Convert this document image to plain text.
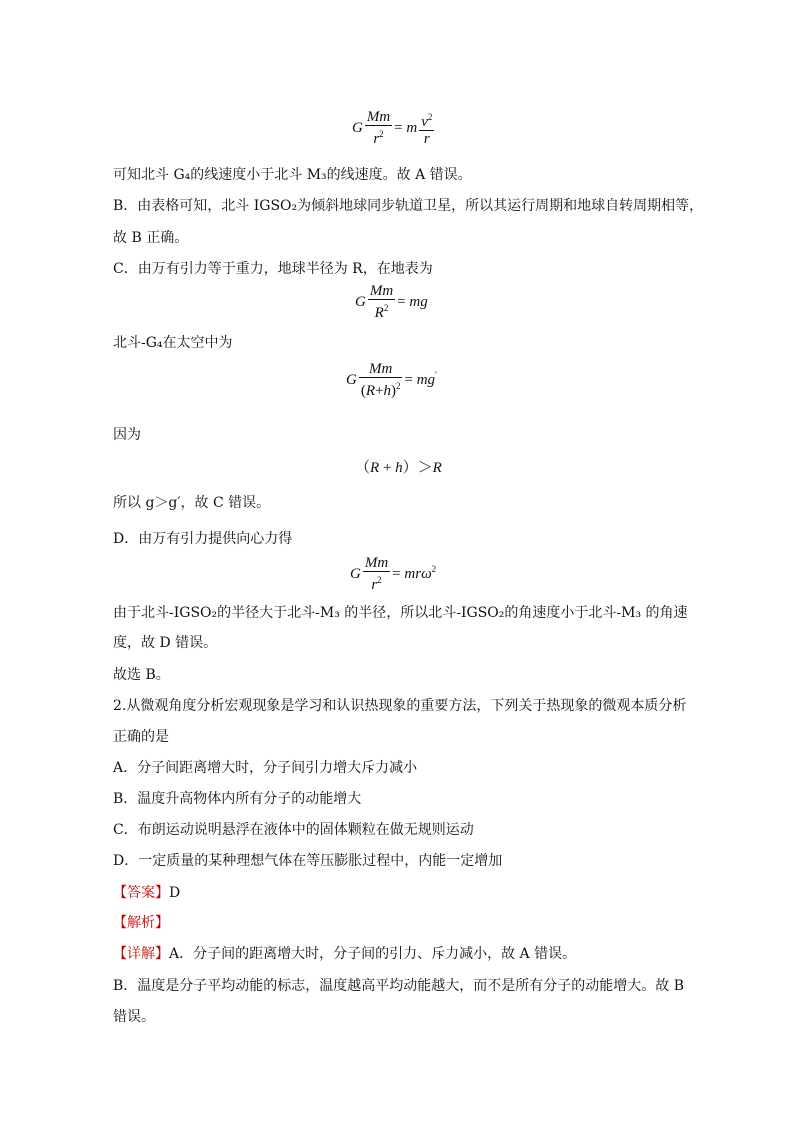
G $\frac{Mm}{r^2} = m \frac{v^2}{r}$
可知北斗 G₄的线速度小于北斗 M₃的线速度。故 A 错误。
B．由表格可知，北斗 IGSO₂为倾斜地球同步轨道卫星，所以其运行周期和地球自转周期相等，
故 B 正确。
C．由万有引力等于重力，地球半径为 R，在地表为
G $\frac{Mm}{R^2}$ = mg
北斗-G₄在太空中为
G $\frac{Mm}{(R+h)^2} = mg'$
因为
（R + h）＞R
所以 g＞g′，故 C 错误。
D．由万有引力提供向心力得
G $\frac{Mm}{r^2} = mr\omega^2$
由于北斗-IGSO₂的半径大于北斗-M₃ 的半径，所以北斗-IGSO₂的角速度小于北斗-M₃ 的角速
度，故 D 错误。
故选 B。
2.从微观角度分析宏观现象是学习和认识热现象的重要方法，下列关于热现象的微观本质分析
正确的是
A．分子间距离增大时，分子间引力增大斥力减小
B．温度升高物体内所有分子的动能增大
C．布朗运动说明悬浮在液体中的固体颗粒在做无规则运动
D．一定质量的某种理想气体在等压膨胀过程中，内能一定增加
【答案】D
【解析】
【详解】A．分子间的距离增大时，分子间的引力、斥力减小，故 A 错误。
B．温度是分子平均动能的标志，温度越高平均动能越大，而不是所有分子的动能增大。故 B
错误。
